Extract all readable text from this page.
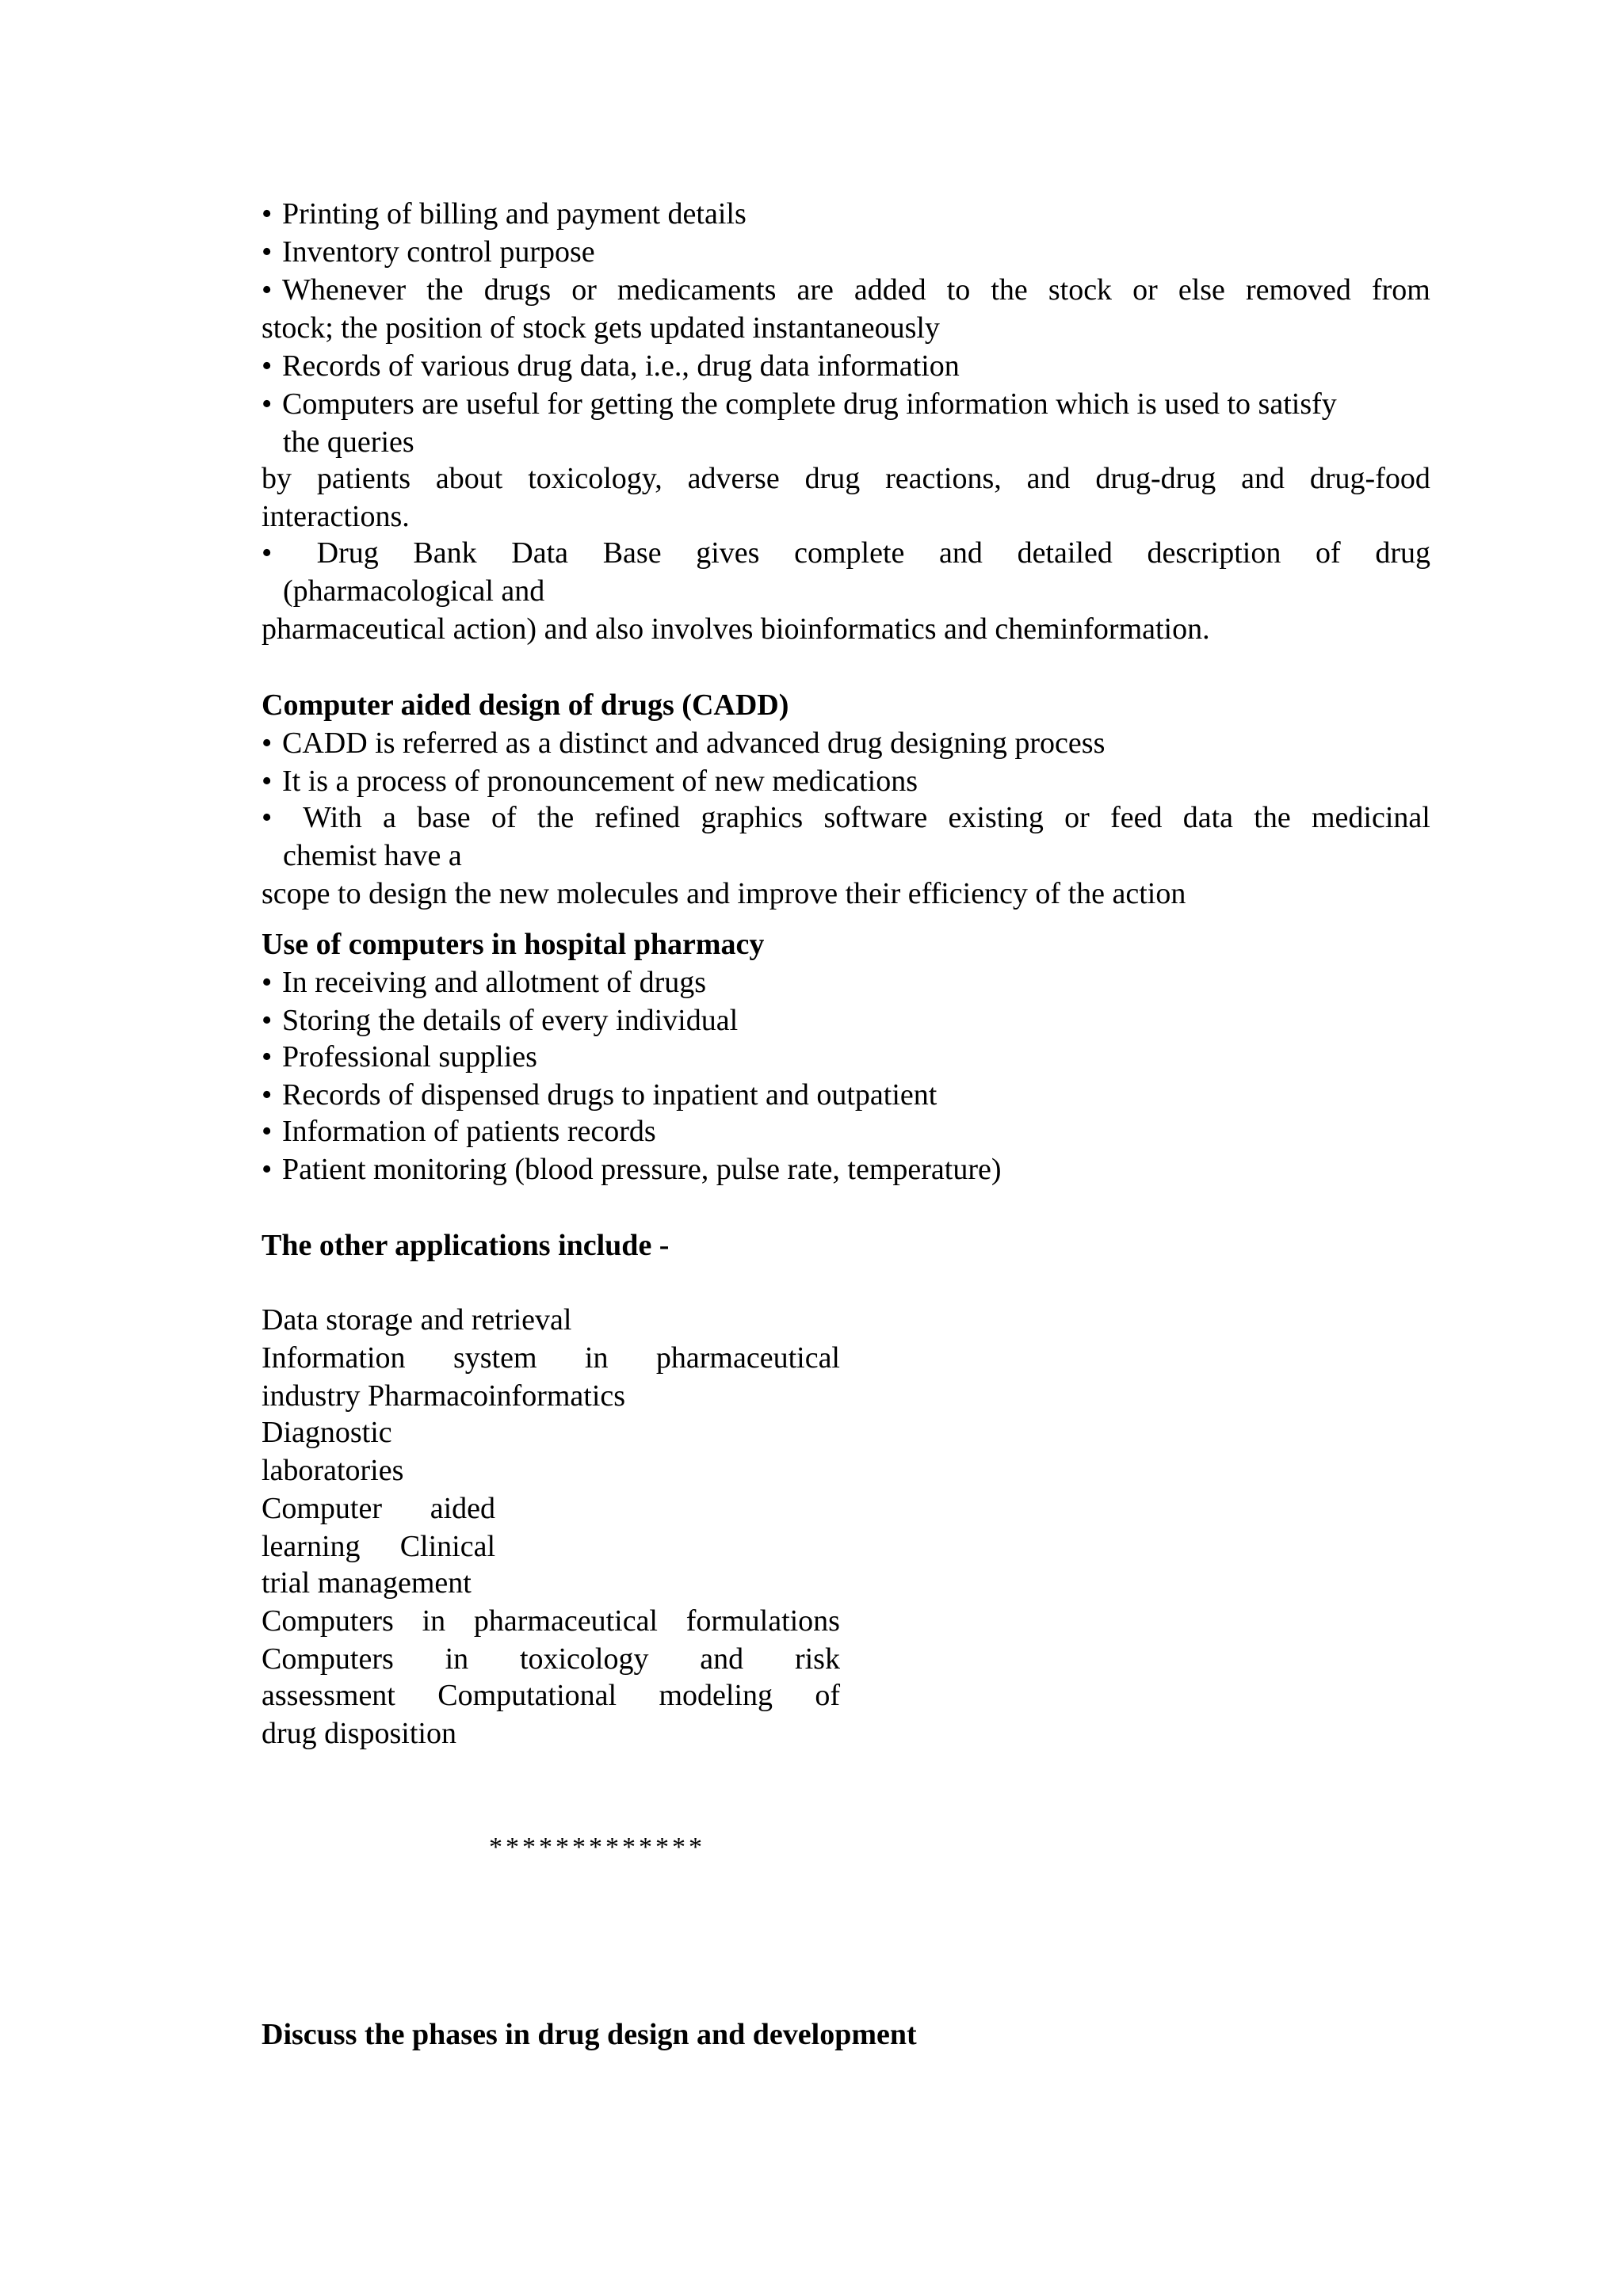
• Printing of billing and payment details
• Inventory control purpose
• Whenever the drugs or medicaments are added to the stock or else removed from
stock; the position of stock gets updated instantaneously
• Records of various drug data, i.e., drug data information
• Computers are useful for getting the complete drug information which is used to satisfy
the queries
by patients about toxicology, adverse drug reactions, and drug-drug and drug-food
interactions.
•	Drug Bank Data Base gives complete and detailed description of drug
(pharmacological and
pharmaceutical action) and also involves bioinformatics and cheminformation.
Computer aided design of drugs (CADD)
• CADD is referred as a distinct and advanced drug designing process
• It is a process of pronouncement of new medications
•	With a base of the refined graphics software existing or feed data the medicinal
chemist have a
scope to design the new molecules and improve their efficiency of the action
Use of computers in hospital pharmacy
• In receiving and allotment of drugs
• Storing the details of every individual
• Professional supplies
• Records of dispensed drugs to inpatient and outpatient
• Information of patients records
• Patient monitoring (blood pressure, pulse rate, temperature)
The other applications include -
Data storage and retrieval
Information system in pharmaceutical
industry Pharmacoinformatics
Diagnostic
laboratories
Computer aided
learning Clinical
trial management
Computers in pharmaceutical formulations
Computers in toxicology and risk
assessment Computational modeling of
drug disposition
*************
Discuss the phases in drug design and development
